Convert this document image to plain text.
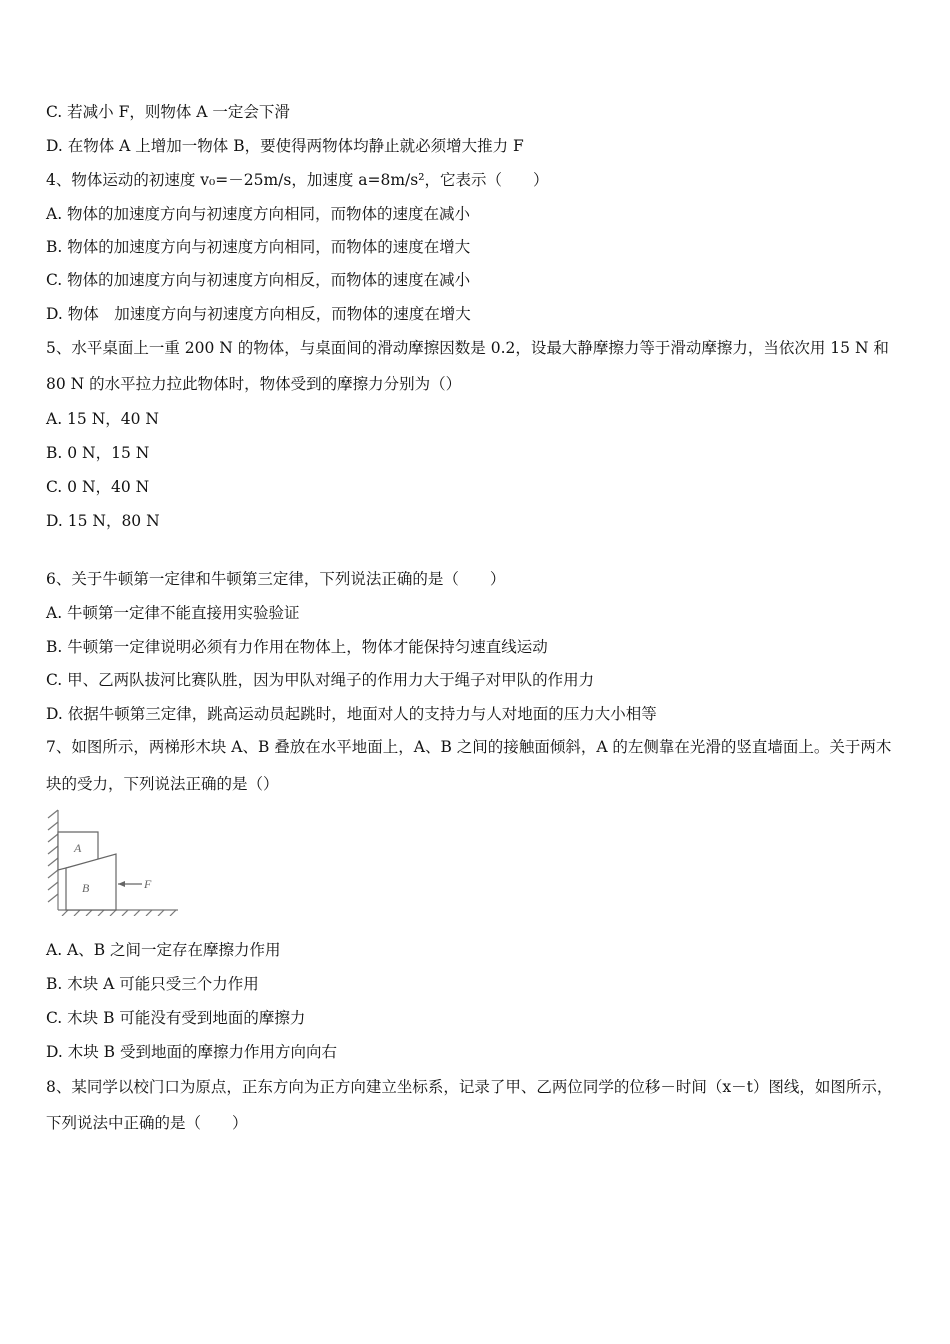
C. 若减小 F，则物体 A 一定会下滑
D. 在物体 A 上增加一物体 B，要使得两物体均静止就必须增大推力 F
4、物体运动的初速度 v₀=－25m/s，加速度 a=8m/s²，它表示（　　）
A. 物体的加速度方向与初速度方向相同，而物体的速度在减小
B. 物体的加速度方向与初速度方向相同，而物体的速度在增大
C. 物体的加速度方向与初速度方向相反，而物体的速度在减小
D. 物体　加速度方向与初速度方向相反，而物体的速度在增大
5、水平桌面上一重 200 N 的物体，与桌面间的滑动摩擦因数是 0.2，设最大静摩擦力等于滑动摩擦力，当依次用 15 N 和
80 N 的水平拉力拉此物体时，物体受到的摩擦力分别为（）
A. 15 N，40 N
B. 0 N，15 N
C. 0 N，40 N
D. 15 N，80 N
6、关于牛顿第一定律和牛顿第三定律，下列说法正确的是（　　）
A. 牛顿第一定律不能直接用实验验证
B. 牛顿第一定律说明必须有力作用在物体上，物体才能保持匀速直线运动
C. 甲、乙两队拔河比赛队胜，因为甲队对绳子的作用力大于绳子对甲队的作用力
D. 依据牛顿第三定律，跳高运动员起跳时，地面对人的支持力与人对地面的压力大小相等
7、如图所示，两梯形木块 A、B 叠放在水平地面上，A、B 之间的接触面倾斜，A 的左侧靠在光滑的竖直墙面上。关于两木
块的受力，下列说法正确的是（）
A
B	F
A. A、B 之间一定存在摩擦力作用
B. 木块 A 可能只受三个力作用
C. 木块 B 可能没有受到地面的摩擦力
D. 木块 B 受到地面的摩擦力作用方向向右
8、某同学以校门口为原点，正东方向为正方向建立坐标系，记录了甲、乙两位同学的位移－时间（x－t）图线，如图所示，
下列说法中正确的是（　　）
